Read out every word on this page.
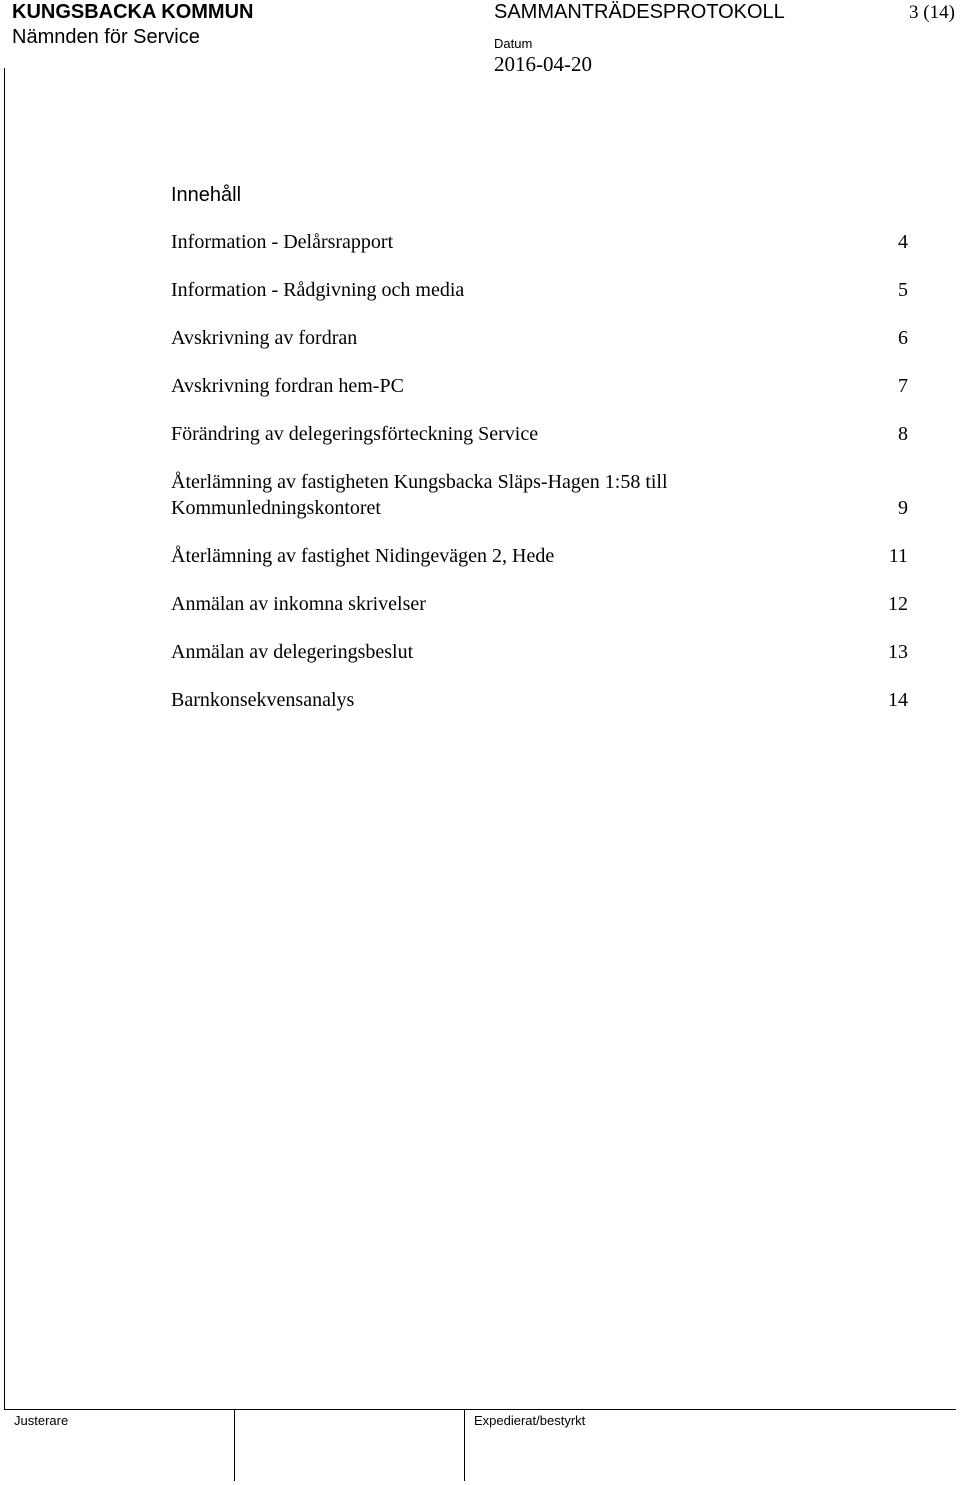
KUNGSBACKA KOMMUN
Nämnden för Service
SAMMANTRÄDESPROTOKOLL	3 (14)
Datum
2016-04-20
Innehåll
Information - Delårsrapport	4
Information - Rådgivning och media	5
Avskrivning av fordran	6
Avskrivning fordran hem-PC	7
Förändring av delegeringsförteckning Service	8
Återlämning av fastigheten Kungsbacka Släps-Hagen 1:58 till
Kommunledningskontoret	9
Återlämning av fastighet Nidingevägen 2, Hede	11
Anmälan av inkomna skrivelser	12
Anmälan av delegeringsbeslut	13
Barnkonsekvensanalys	14
Justerare	Expedierat/bestyrkt
